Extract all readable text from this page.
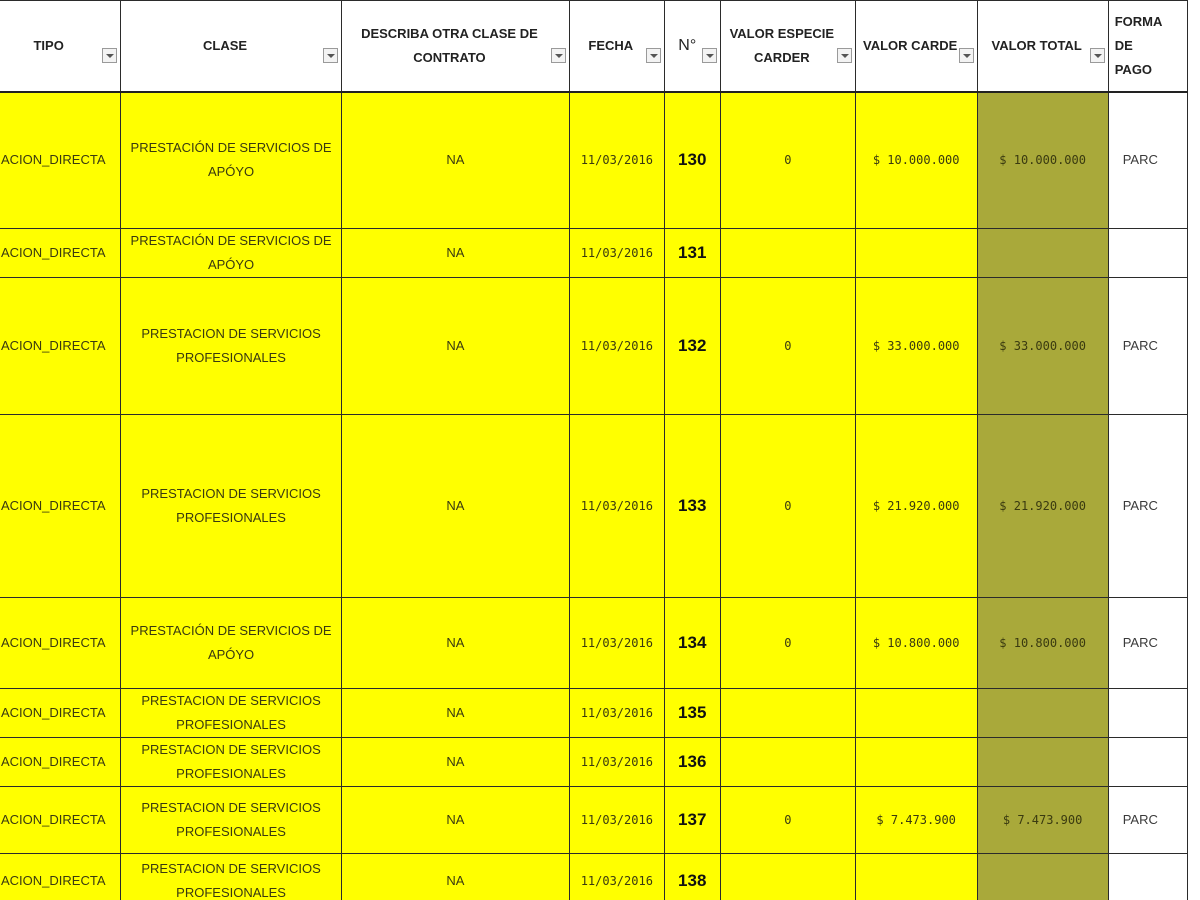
TIPO	CLASE	DESCRIBA OTRA CLASE DE CONTRATO	FECHA	N°	VALOR ESPECIE CARDER	VALOR CARDE	VALOR TOTAL	FORMA DE PAGO

ACION_DIRECTA	PRESTACIÓN DE SERVICIOS DE APÓYO	NA	11/03/2016	130	0	$ 10.000.000	$ 10.000.000	PARC
ACION_DIRECTA	PRESTACIÓN DE SERVICIOS DE APÓYO	NA	11/03/2016	131				
ACION_DIRECTA	PRESTACION DE SERVICIOS PROFESIONALES	NA	11/03/2016	132	0	$ 33.000.000	$ 33.000.000	PARC
ACION_DIRECTA	PRESTACION DE SERVICIOS PROFESIONALES	NA	11/03/2016	133	0	$ 21.920.000	$ 21.920.000	PARC
ACION_DIRECTA	PRESTACIÓN DE SERVICIOS DE APÓYO	NA	11/03/2016	134	0	$ 10.800.000	$ 10.800.000	PARC
ACION_DIRECTA	PRESTACION DE SERVICIOS PROFESIONALES	NA	11/03/2016	135				
ACION_DIRECTA	PRESTACION DE SERVICIOS PROFESIONALES	NA	11/03/2016	136				
ACION_DIRECTA	PRESTACION DE SERVICIOS PROFESIONALES	NA	11/03/2016	137	0	$ 7.473.900	$ 7.473.900	PARC
ACION_DIRECTA	PRESTACION DE SERVICIOS PROFESIONALES	NA	11/03/2016	138				
